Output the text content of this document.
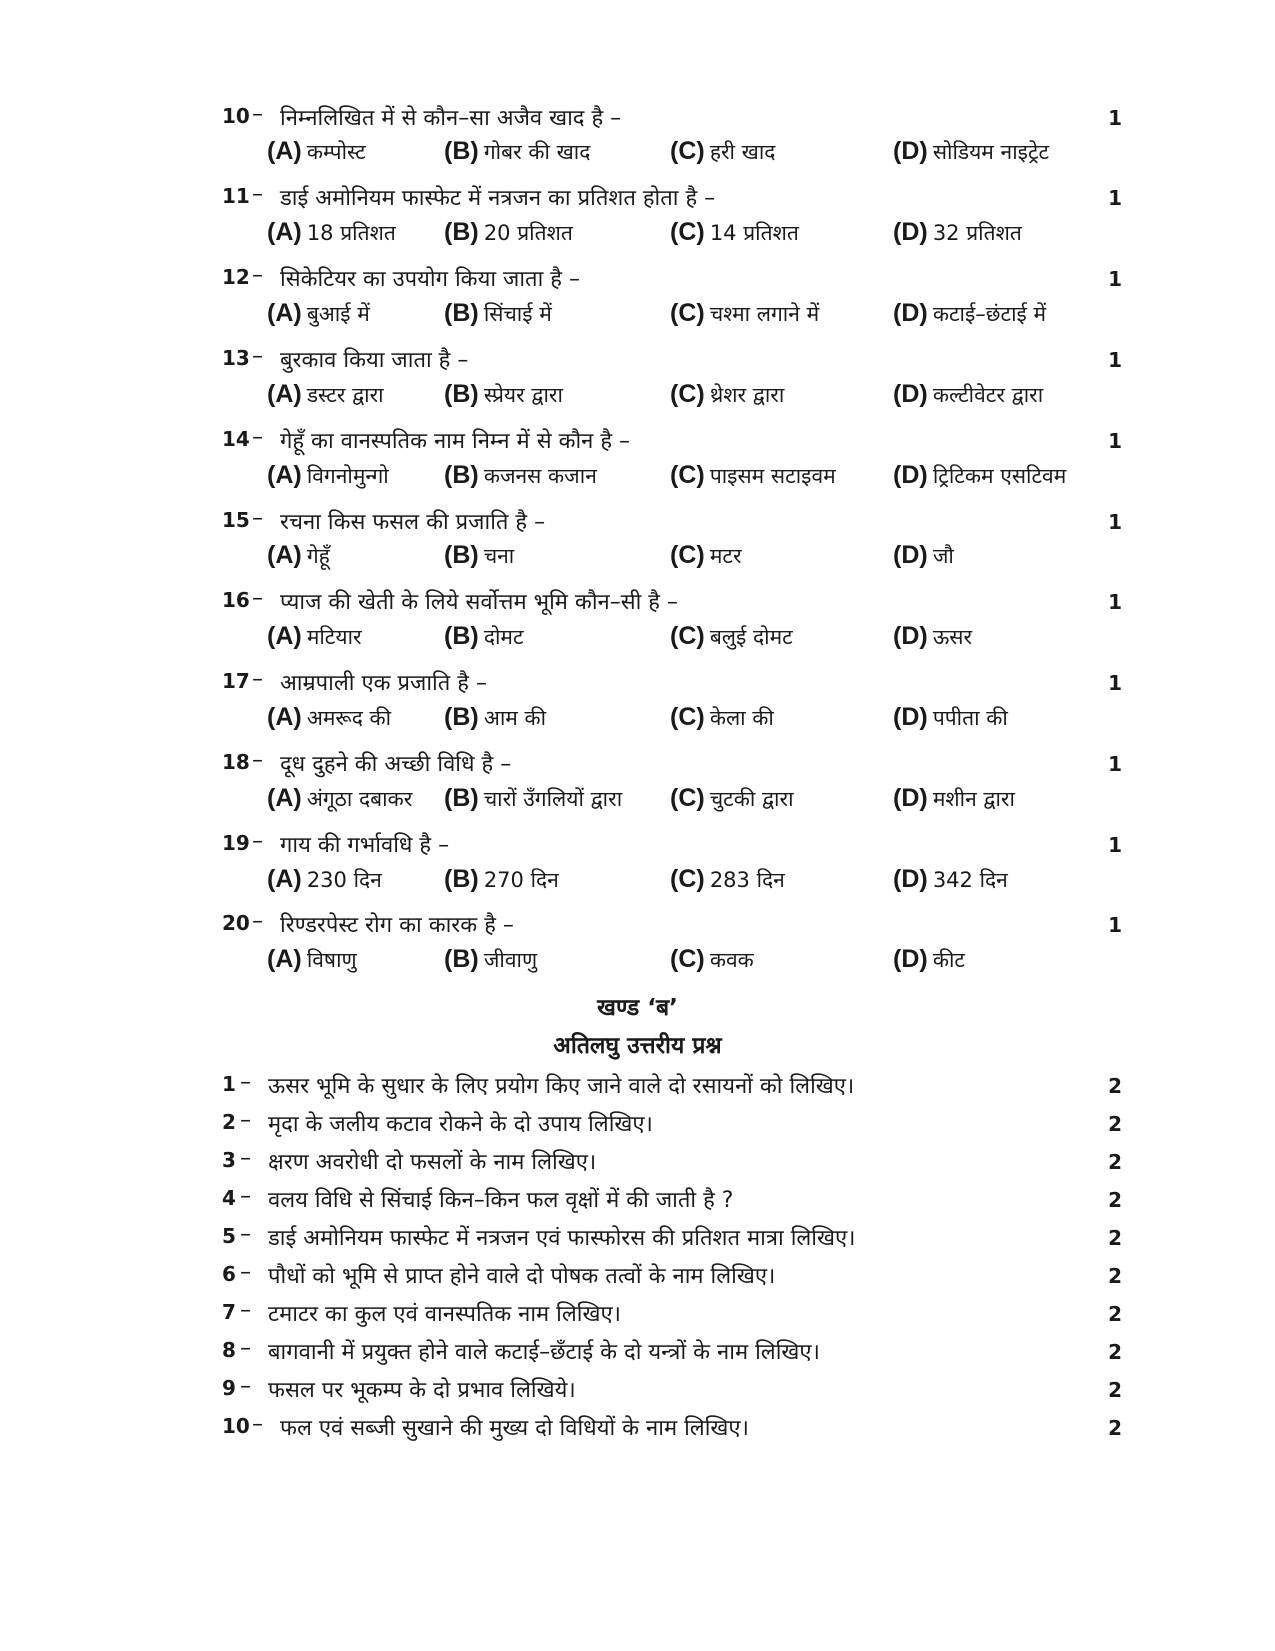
10 – निम्नलिखित में से कौन–सा अजैव खाद है –	1
(A) कम्पोस्ट	(B) गोबर की खाद	(C) हरी खाद	(D) सोडियम नाइट्रेट
11 – डाई अमोनियम फास्फेट में नत्रजन का प्रतिशत होता है –	1
(A) 18 प्रतिशत (B) 20 प्रतिशत	(C) 14 प्रतिशत	(D) 32 प्रतिशत
12 – सिकेटियर का उपयोग किया जाता है –	1
(A) बुआई में	(B) सिंचाई में	(C) चश्मा लगाने में	(D) कटाई–छंटाई में
13 – बुरकाव किया जाता है –	1
(A) डस्टर द्वारा (B) स्प्रेयर द्वारा	(C) थ्रेशर द्वारा	(D) कल्टीवेटर द्वारा
14 – गेहूँ का वानस्पतिक नाम निम्न में से कौन है –	1
(A) विगनोमुन्गो (B) कजनस कजान	(C) पाइसम सटाइवम (D) ट्रिटिकम एसटिवम
15 – रचना किस फसल की प्रजाति है –	1
(A) गेहूँ	(B) चना	(C) मटर	(D) जौ
16 – प्याज की खेती के लिये सर्वोत्तम भूमि कौन–सी है –	1
(A) मटियार	(B) दोमट	(C) बलुई दोमट	(D) ऊसर
17 – आम्रपाली एक प्रजाति है –	1
(A) अमरूद की (B) आम की	(C) केला की	(D) पपीता की
18 – दूध दुहने की अच्छी विधि है –	1
(A) अंगूठा दबाकर (B) चारों उँगलियों द्वारा (C) चुटकी द्वारा	(D) मशीन द्वारा
19 – गाय की गर्भावधि है –	1
(A) 230 दिन (B) 270 दिन	(C) 283 दिन	(D) 342 दिन
20 – रिण्डरपेस्ट रोग का कारक है –	1
(A) विषाणु	(B) जीवाणु	(C) कवक	(D) कीट
खण्ड ‘ब’
अतिलघु उत्तरीय प्रश्न
1 – ऊसर भूमि के सुधार के लिए प्रयोग किए जाने वाले दो रसायनों को लिखिए।	2
2 – मृदा के जलीय कटाव रोकने के दो उपाय लिखिए।	2
3 – क्षरण अवरोधी दो फसलों के नाम लिखिए।	2
4 – वलय विधि से सिंचाई किन–किन फल वृक्षों में की जाती है ?	2
5 – डाई अमोनियम फास्फेट में नत्रजन एवं फास्फोरस की प्रतिशत मात्रा लिखिए।	2
6 – पौधों को भूमि से प्राप्त होने वाले दो पोषक तत्वों के नाम लिखिए।	2
7 – टमाटर का कुल एवं वानस्पतिक नाम लिखिए।	2
8 – बागवानी में प्रयुक्त होने वाले कटाई–छँटाई के दो यन्त्रों के नाम लिखिए।	2
9 – फसल पर भूकम्प के दो प्रभाव लिखिये।	2
10 – फल एवं सब्जी सुखाने की मुख्य दो विधियों के नाम लिखिए।	2
